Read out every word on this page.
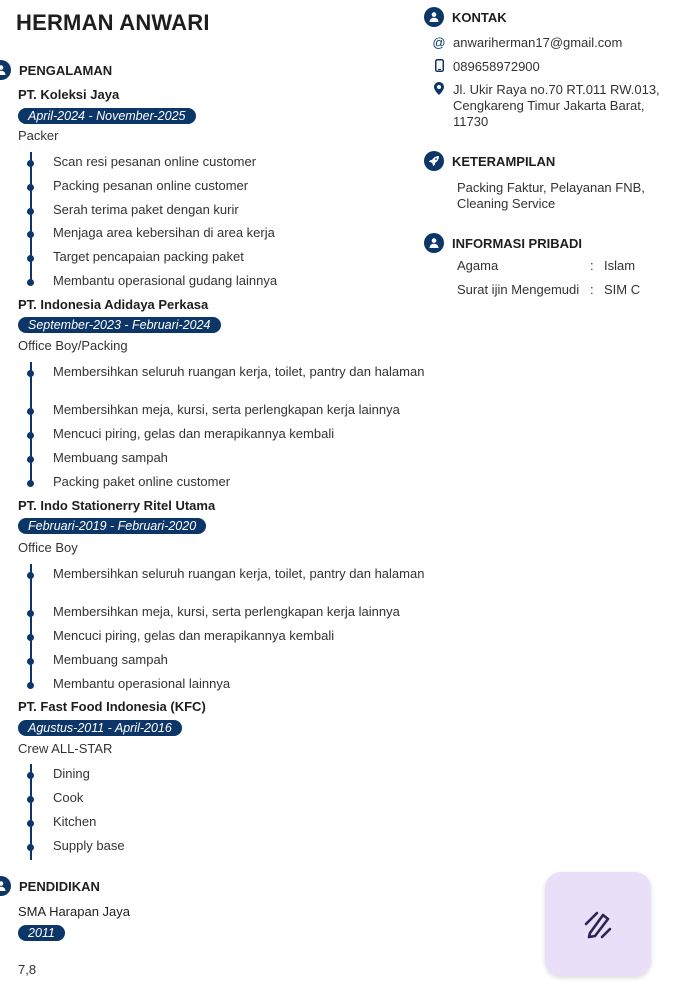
HERMAN ANWARI
PENGALAMAN
PT. Koleksi Jaya
April-2024 - November-2025
Packer
Scan resi pesanan online customer
Packing pesanan online customer
Serah terima paket dengan kurir
Menjaga area kebersihan di area kerja
Target pencapaian packing paket
Membantu operasional gudang lainnya
PT. Indonesia Adidaya Perkasa
September-2023 - Februari-2024
Office Boy/Packing
Membersihkan seluruh ruangan kerja, toilet, pantry dan halaman
Membersihkan meja, kursi, serta perlengkapan kerja lainnya
Mencuci piring, gelas dan merapikannya kembali
Membuang sampah
Packing paket online customer
PT. Indo Stationerry Ritel Utama
Februari-2019 - Februari-2020
Office Boy
Membersihkan seluruh ruangan kerja, toilet, pantry dan halaman
Membersihkan meja, kursi, serta perlengkapan kerja lainnya
Mencuci piring, gelas dan merapikannya kembali
Membuang sampah
Membantu operasional lainnya
PT. Fast Food Indonesia (KFC)
Agustus-2011 - April-2016
Crew ALL-STAR
Dining
Cook
Kitchen
Supply base
PENDIDIKAN
SMA Harapan Jaya
2011
7,8
KONTAK
@ anwariherman17@gmail.com
089658972900
Jl. Ukir Raya no.70 RT.011 RW.013, Cengkareng Timur Jakarta Barat, 11730
KETERAMPILAN
Packing Faktur, Pelayanan FNB, Cleaning Service
INFORMASI PRIBADI
Agama	: Islam
Surat ijin Mengemudi : SIM C
